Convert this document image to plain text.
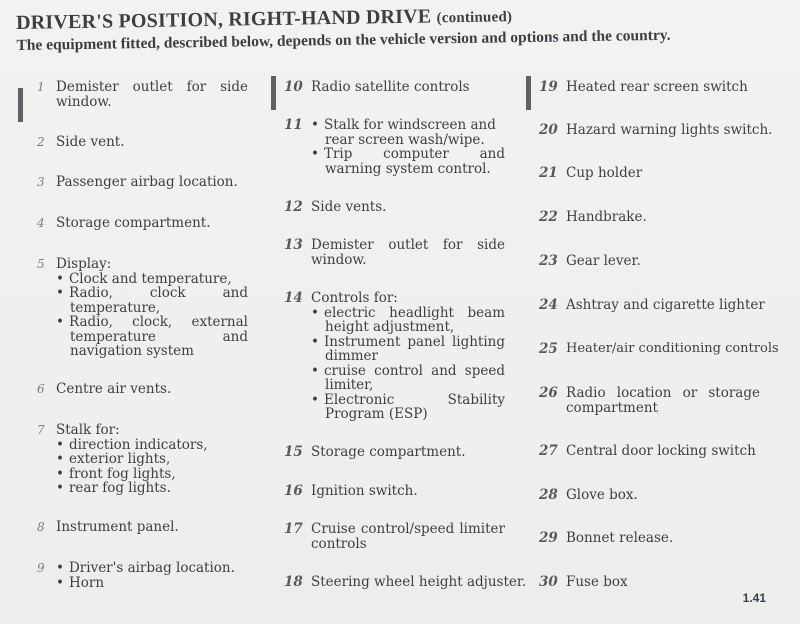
DRIVER'S POSITION, RIGHT-HAND DRIVE (continued)
The equipment fitted, described below, depends on the vehicle version and options and the country.
1 Demister outlet for side window.
2 Side vent.
3 Passenger airbag location.
4 Storage compartment.
5 Display:
• Clock and temperature,
• Radio, clock and temperature,
• Radio, clock, external temperature and navigation system
6 Centre air vents.
7 Stalk for:
• direction indicators,
• exterior lights,
• front fog lights,
• rear fog lights.
8 Instrument panel.
9	• Driver's airbag location.
• Horn
10 Radio satellite controls
11	• Stalk for windscreen and rear screen wash/wipe.
• Trip computer and warning system control.
12 Side vents.
13 Demister outlet for side window.
14 Controls for:
• electric headlight beam height adjustment,
• Instrument panel lighting dimmer
• cruise control and speed limiter,
• Electronic Stability Program (ESP)
15 Storage compartment.
16 Ignition switch.
17 Cruise control/speed limiter controls
18 Steering wheel height adjuster.
19 Heated rear screen switch
20 Hazard warning lights switch.
21 Cup holder
22 Handbrake.
23 Gear lever.
24 Ashtray and cigarette lighter
25 Heater/air conditioning controls
26 Radio location or storage compartment
27 Central door locking switch
28 Glove box.
29 Bonnet release.
30 Fuse box
1.41
